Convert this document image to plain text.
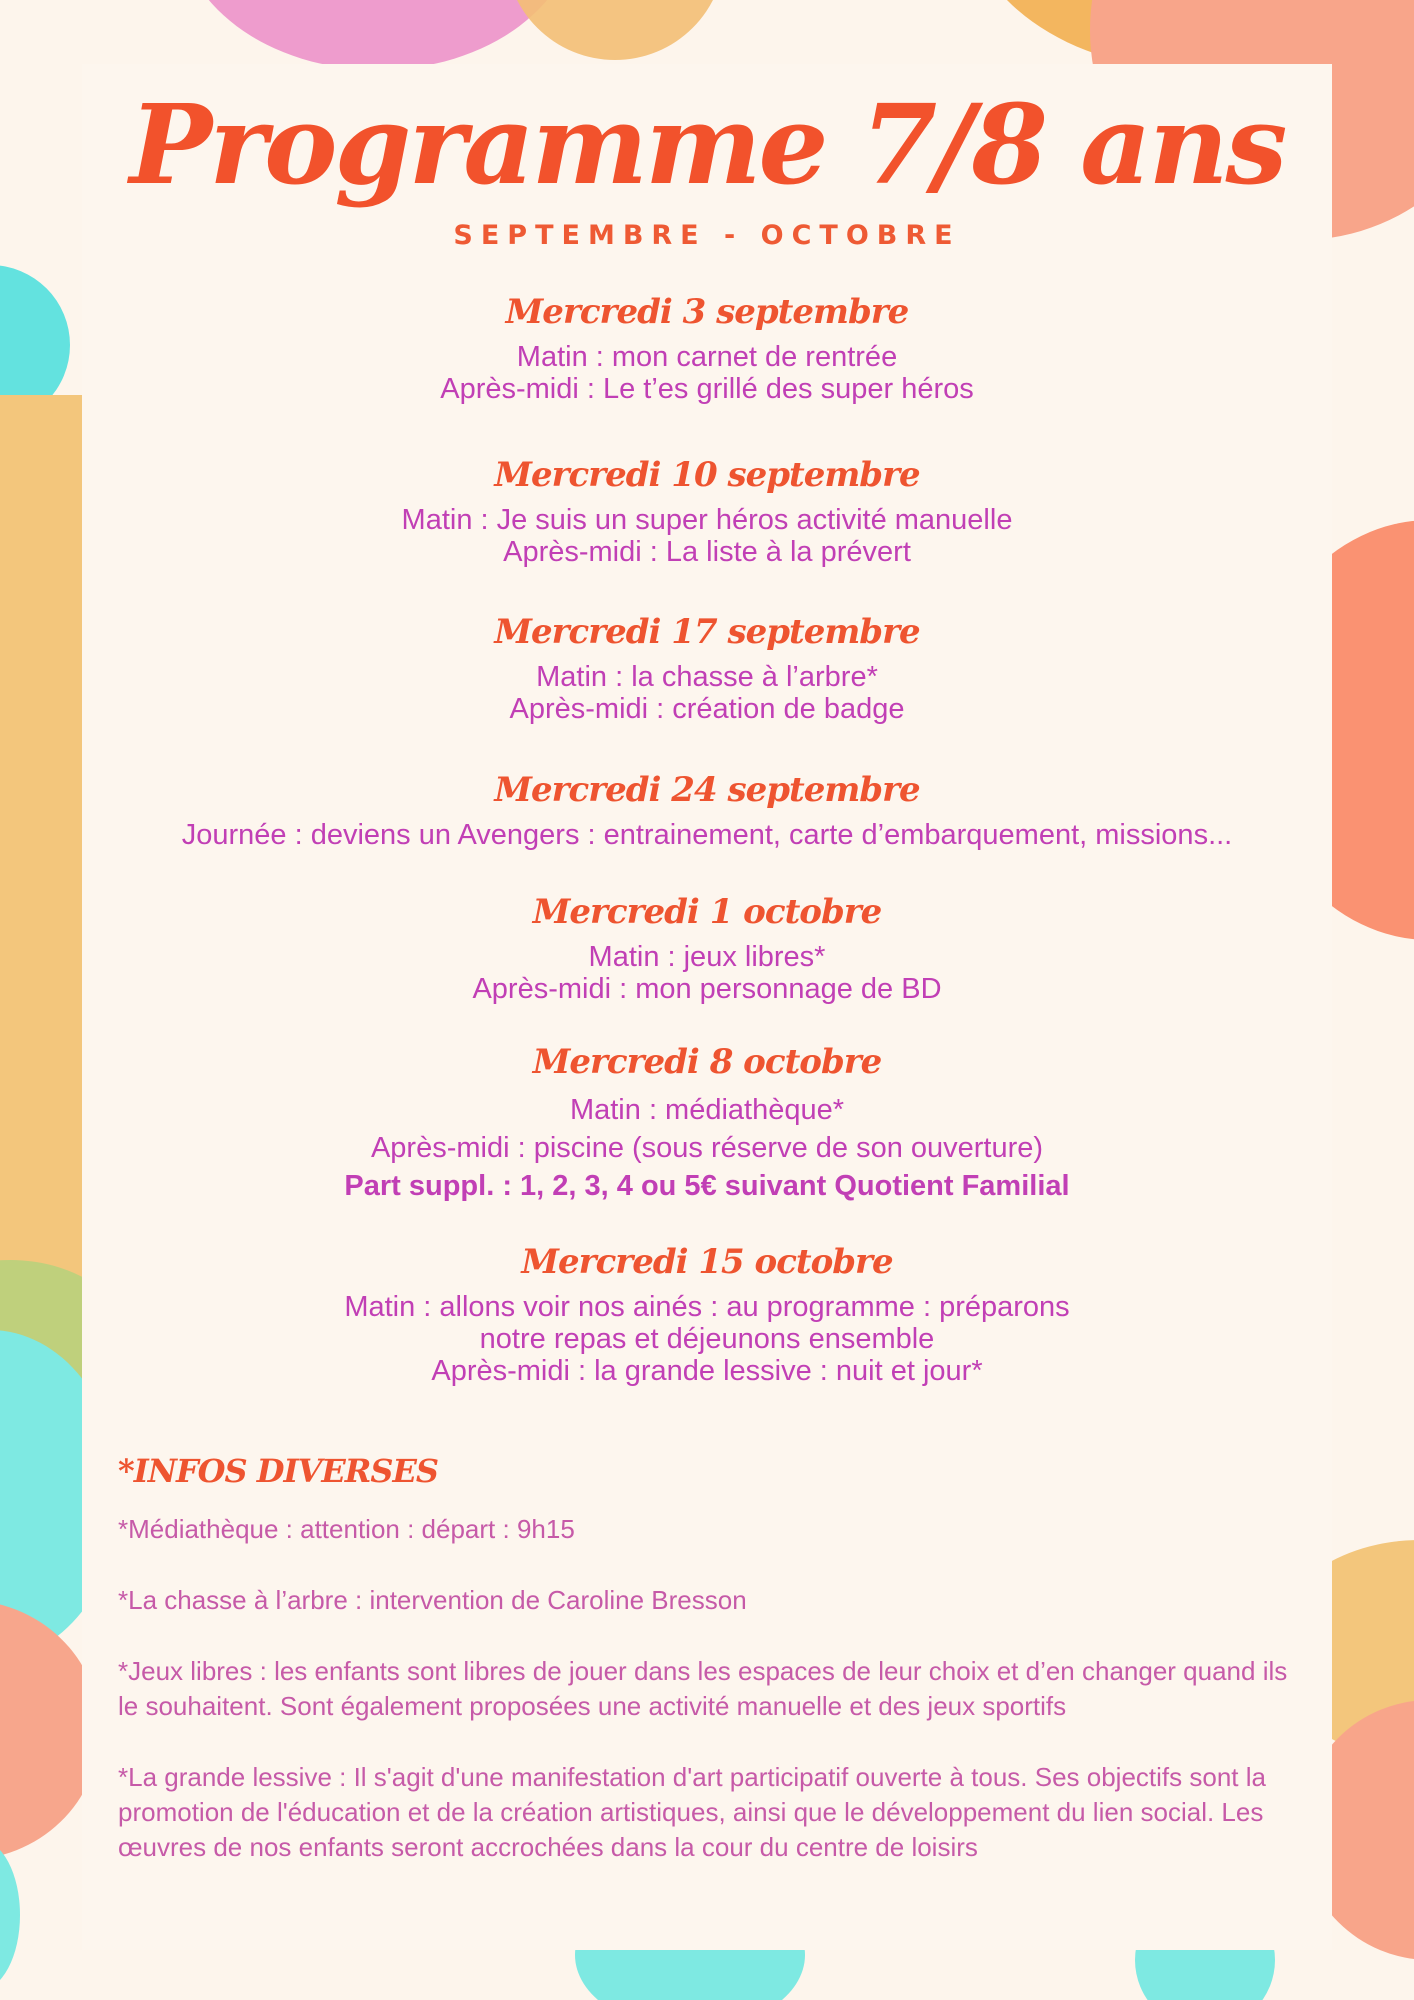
Programme 7/8 ans

SEPTEMBRE - OCTOBRE

Mercredi 3 septembre

Matin : mon carnet de rentrée

Après-midi : Le t’es grillé des super héros

Mercredi 10 septembre

Matin : Je suis un super héros activité manuelle

Après-midi : La liste à la prévert

Mercredi 17 septembre

Matin : la chasse à l’arbre*

Après-midi : création de badge

Mercredi 24 septembre

Journée : deviens un Avengers : entrainement, carte d’embarquement, missions...

Mercredi 1 octobre

Matin : jeux libres*

Après-midi : mon personnage de BD

Mercredi 8 octobre

Matin : médiathèque*

Après-midi : piscine (sous réserve de son ouverture)

Part suppl. : 1, 2, 3, 4 ou 5€ suivant Quotient Familial

Mercredi 15 octobre

Matin : allons voir nos ainés : au programme : préparons

notre repas et déjeunons ensemble

Après-midi : la grande lessive : nuit et jour*

*INFOS DIVERSES

*Médiathèque : attention : départ : 9h15

*La chasse à l’arbre : intervention de Caroline Bresson

*Jeux libres : les enfants sont libres de jouer dans les espaces de leur choix et d’en changer quand ils le souhaitent. Sont également proposées une activité manuelle et des jeux sportifs

*La grande lessive : Il s'agit d'une manifestation d'art participatif ouverte à tous. Ses objectifs sont la promotion de l'éducation et de la création artistiques, ainsi que le développement du lien social. Les œuvres de nos enfants seront accrochées dans la cour du centre de loisirs
